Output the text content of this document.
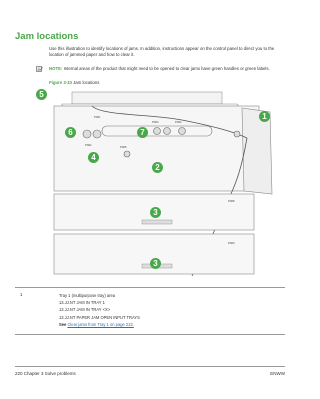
Jam locations
Use this illustration to identify locations of jams. In addition, instructions appear on the control panel to direct you to the location of jammed paper and how to clear it.
NOTE: Internal areas of the product that might need to be opened to clear jams have green handles or green labels.
Figure 3-33 Jam locations
PN01
PN02
PN03	PN04
PN05
PN08
PN09
5
1
6	7
4
2
3
3
1	Tray 1 (multipurpose tray) area
13.JJ.NT JAM IN TRAY 1
13.JJ.NT JAM IN TRAY <X>
13.JJ.NT PAPER JAM OPEN INPUT TRAYS
See Clear jams from Tray 1 on page 222.
220 Chapter 3 Solve problems	ENWW
